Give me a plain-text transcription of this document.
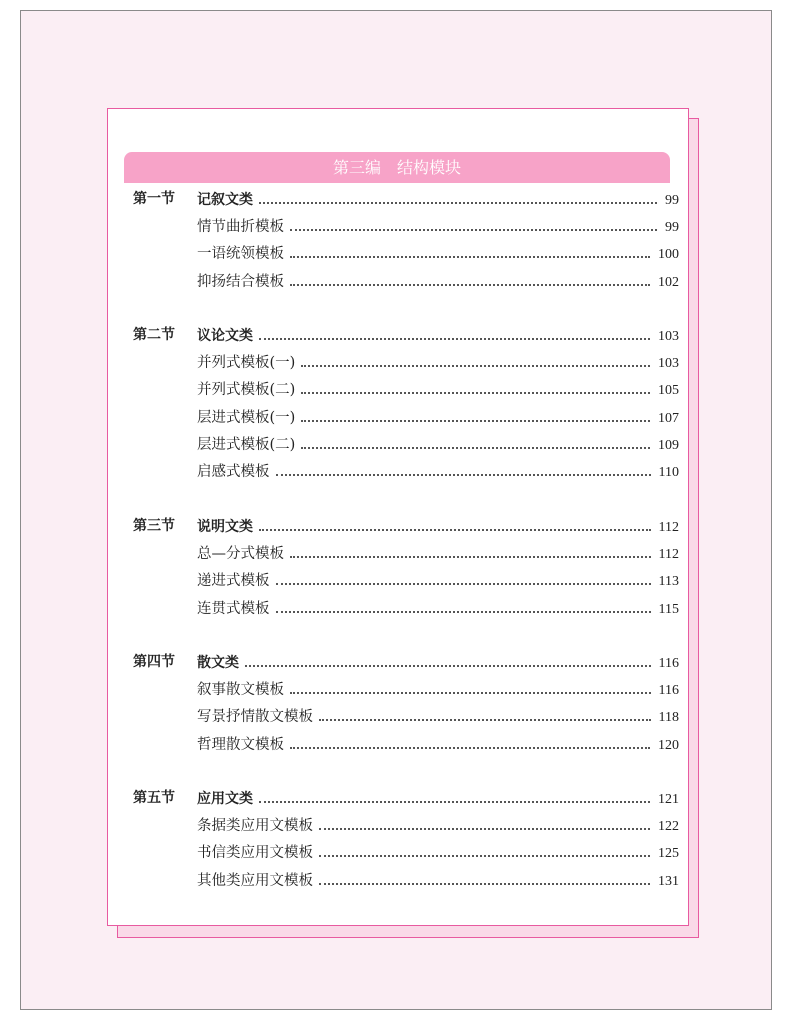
第三编　结构模块
第一节	记叙文类	99
情节曲折模板	99
一语统领模板	100
抑扬结合模板	102
第二节	议论文类	103
并列式模板(一)	103
并列式模板(二)	105
层进式模板(一)	107
层进式模板(二)	109
启感式模板	110
第三节	说明文类	112
总—分式模板	112
递进式模板	113
连贯式模板	115
第四节	散文类	116
叙事散文模板	116
写景抒情散文模板	118
哲理散文模板	120
第五节	应用文类	121
条据类应用文模板	122
书信类应用文模板	125
其他类应用文模板	131
